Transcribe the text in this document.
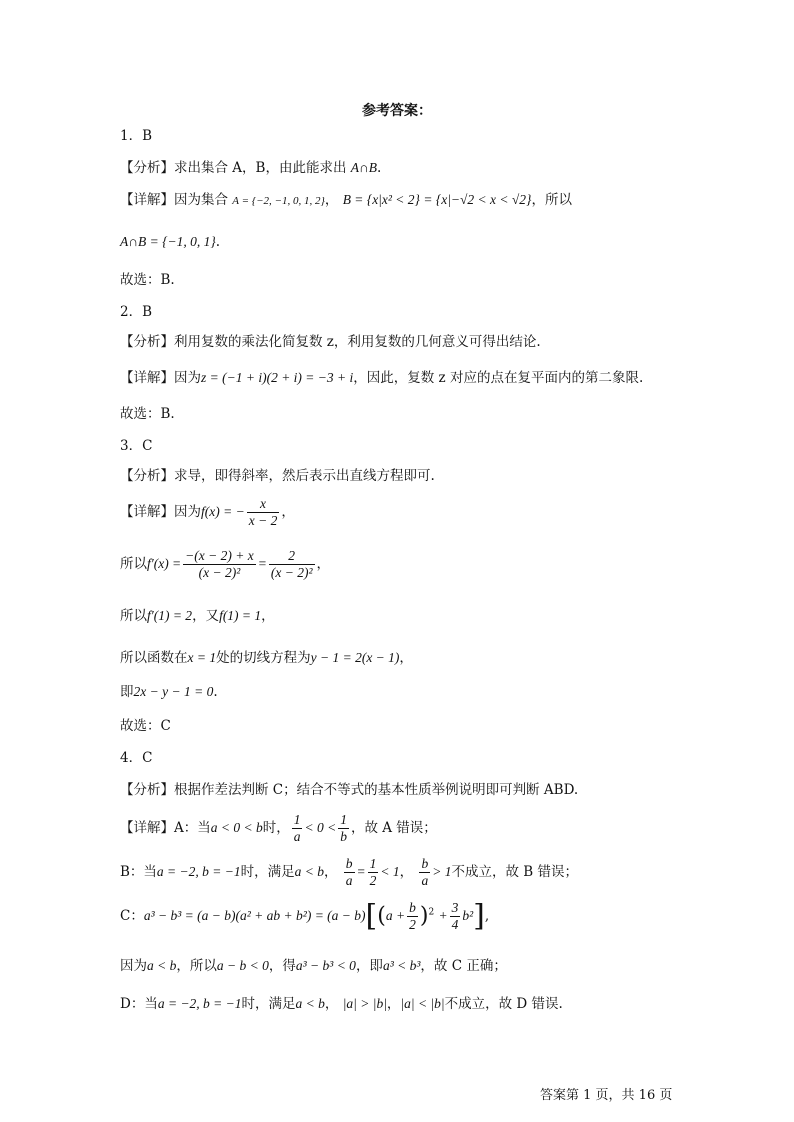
参考答案：
1．B
【分析】求出集合 A，B，由此能求出 A∩B.
【详解】因为集合 A = {−2, −1, 0, 1, 2}， B = {x|x² < 2} = {x|−√2 < x < √2}，所以
A∩B = {−1, 0, 1}.
故选：B.
2．B
【分析】利用复数的乘法化简复数 z，利用复数的几何意义可得出结论.
【详解】因为z = (−1 + i)(2 + i) = −3 + i，因此，复数 z 对应的点在复平面内的第二象限.
故选：B.
3．C
【分析】求导，即得斜率，然后表示出直线方程即可.
【详解】因为f(x) = − $\frac{x}{x - 2}$ ，
所以$f'(x) = \frac{-(x - 2) + x}{\text{(x − 2)²}} = \frac{2}{\text{(x − 2)²}}$ ，
所以f′(1) = 2，又f(1) = 1，
所以函数在x = 1处的切线方程为y − 1 = 2(x − 1)，
即2x − y − 1 = 0.
故选：C
4．C
【分析】根据作差法判断 C；结合不等式的基本性质举例说明即可判断 ABD.
【详解】A：当a < 0 < b时， $\frac{1}{a} < 0 < \frac{1}{b}$ ，故 A 错误；
B：当a = −2, b = −1时，满足a < b， $\frac{b}{a} = \frac{1}{2} < 1$， $\frac{b}{a} > 1$不成立，故 B 错误；
C：a³ − b³ = (a − b)(a² + ab + $b^2) = (a - b)[(a + \frac{b}{2} )^2 + \frac{3}{4} b^2]$,
因为a < b，所以a − b < 0，得a³ − b³ < 0，即a³ < b³，故 C 正确；
D：当a = −2, b = −1时，满足a < b， |a| > |b|，|a| < |b|不成立，故 D 错误.
答案第 1 页，共 16 页
